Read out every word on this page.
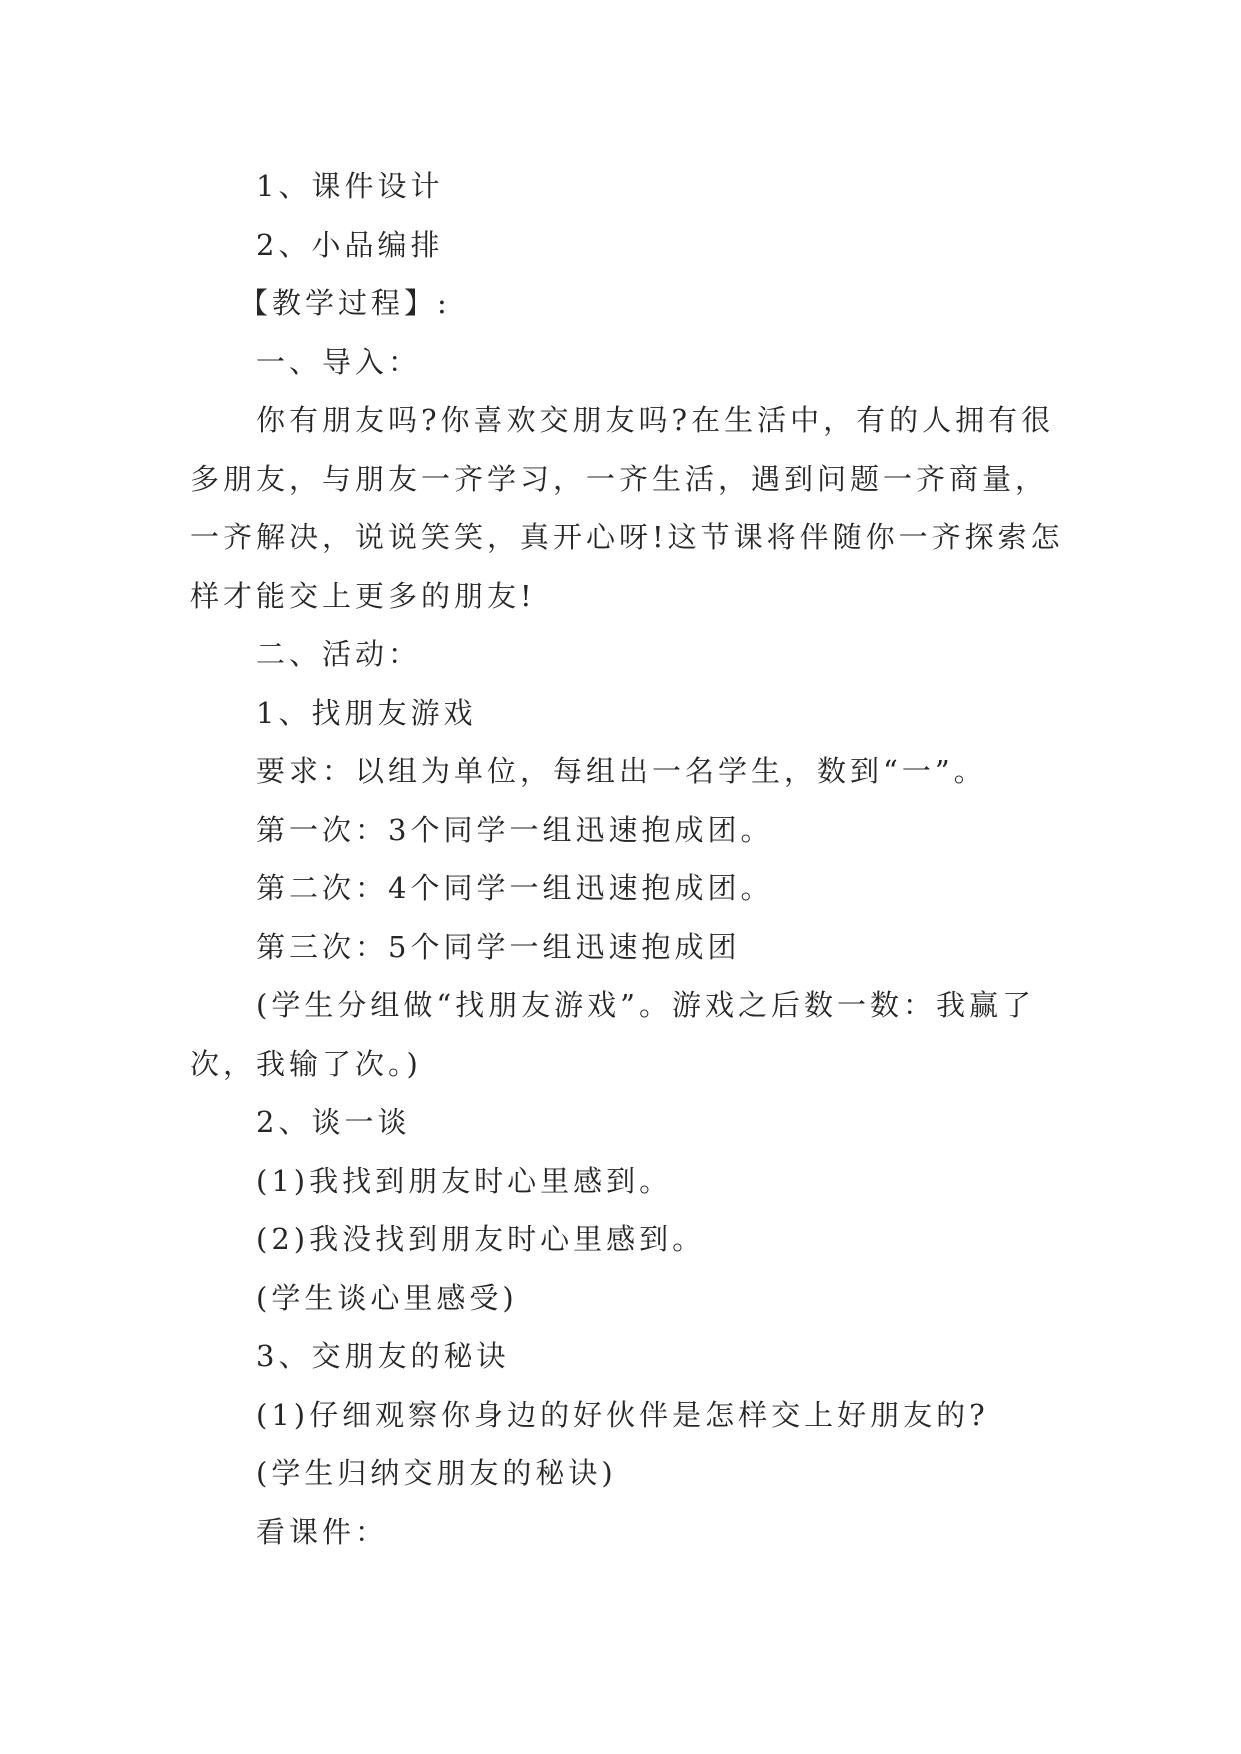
1、课件设计

2、小品编排

【教学过程】:

一、导入：

你有朋友吗?你喜欢交朋友吗?在生活中，有的人拥有很多朋友，与朋友一齐学习，一齐生活，遇到问题一齐商量，一齐解决，说说笑笑，真开心呀!这节课将伴随你一齐探索怎样才能交上更多的朋友!

二、活动：

1、找朋友游戏

要求：以组为单位，每组出一名学生，数到“一”。

第一次：3个同学一组迅速抱成团。

第二次：4个同学一组迅速抱成团。

第三次：5个同学一组迅速抱成团

(学生分组做“找朋友游戏”。游戏之后数一数：我赢了次，我输了次。)

2、谈一谈

(1)我找到朋友时心里感到。

(2)我没找到朋友时心里感到。

(学生谈心里感受)

3、交朋友的秘诀

(1)仔细观察你身边的好伙伴是怎样交上好朋友的?

(学生归纳交朋友的秘诀)

看课件：
